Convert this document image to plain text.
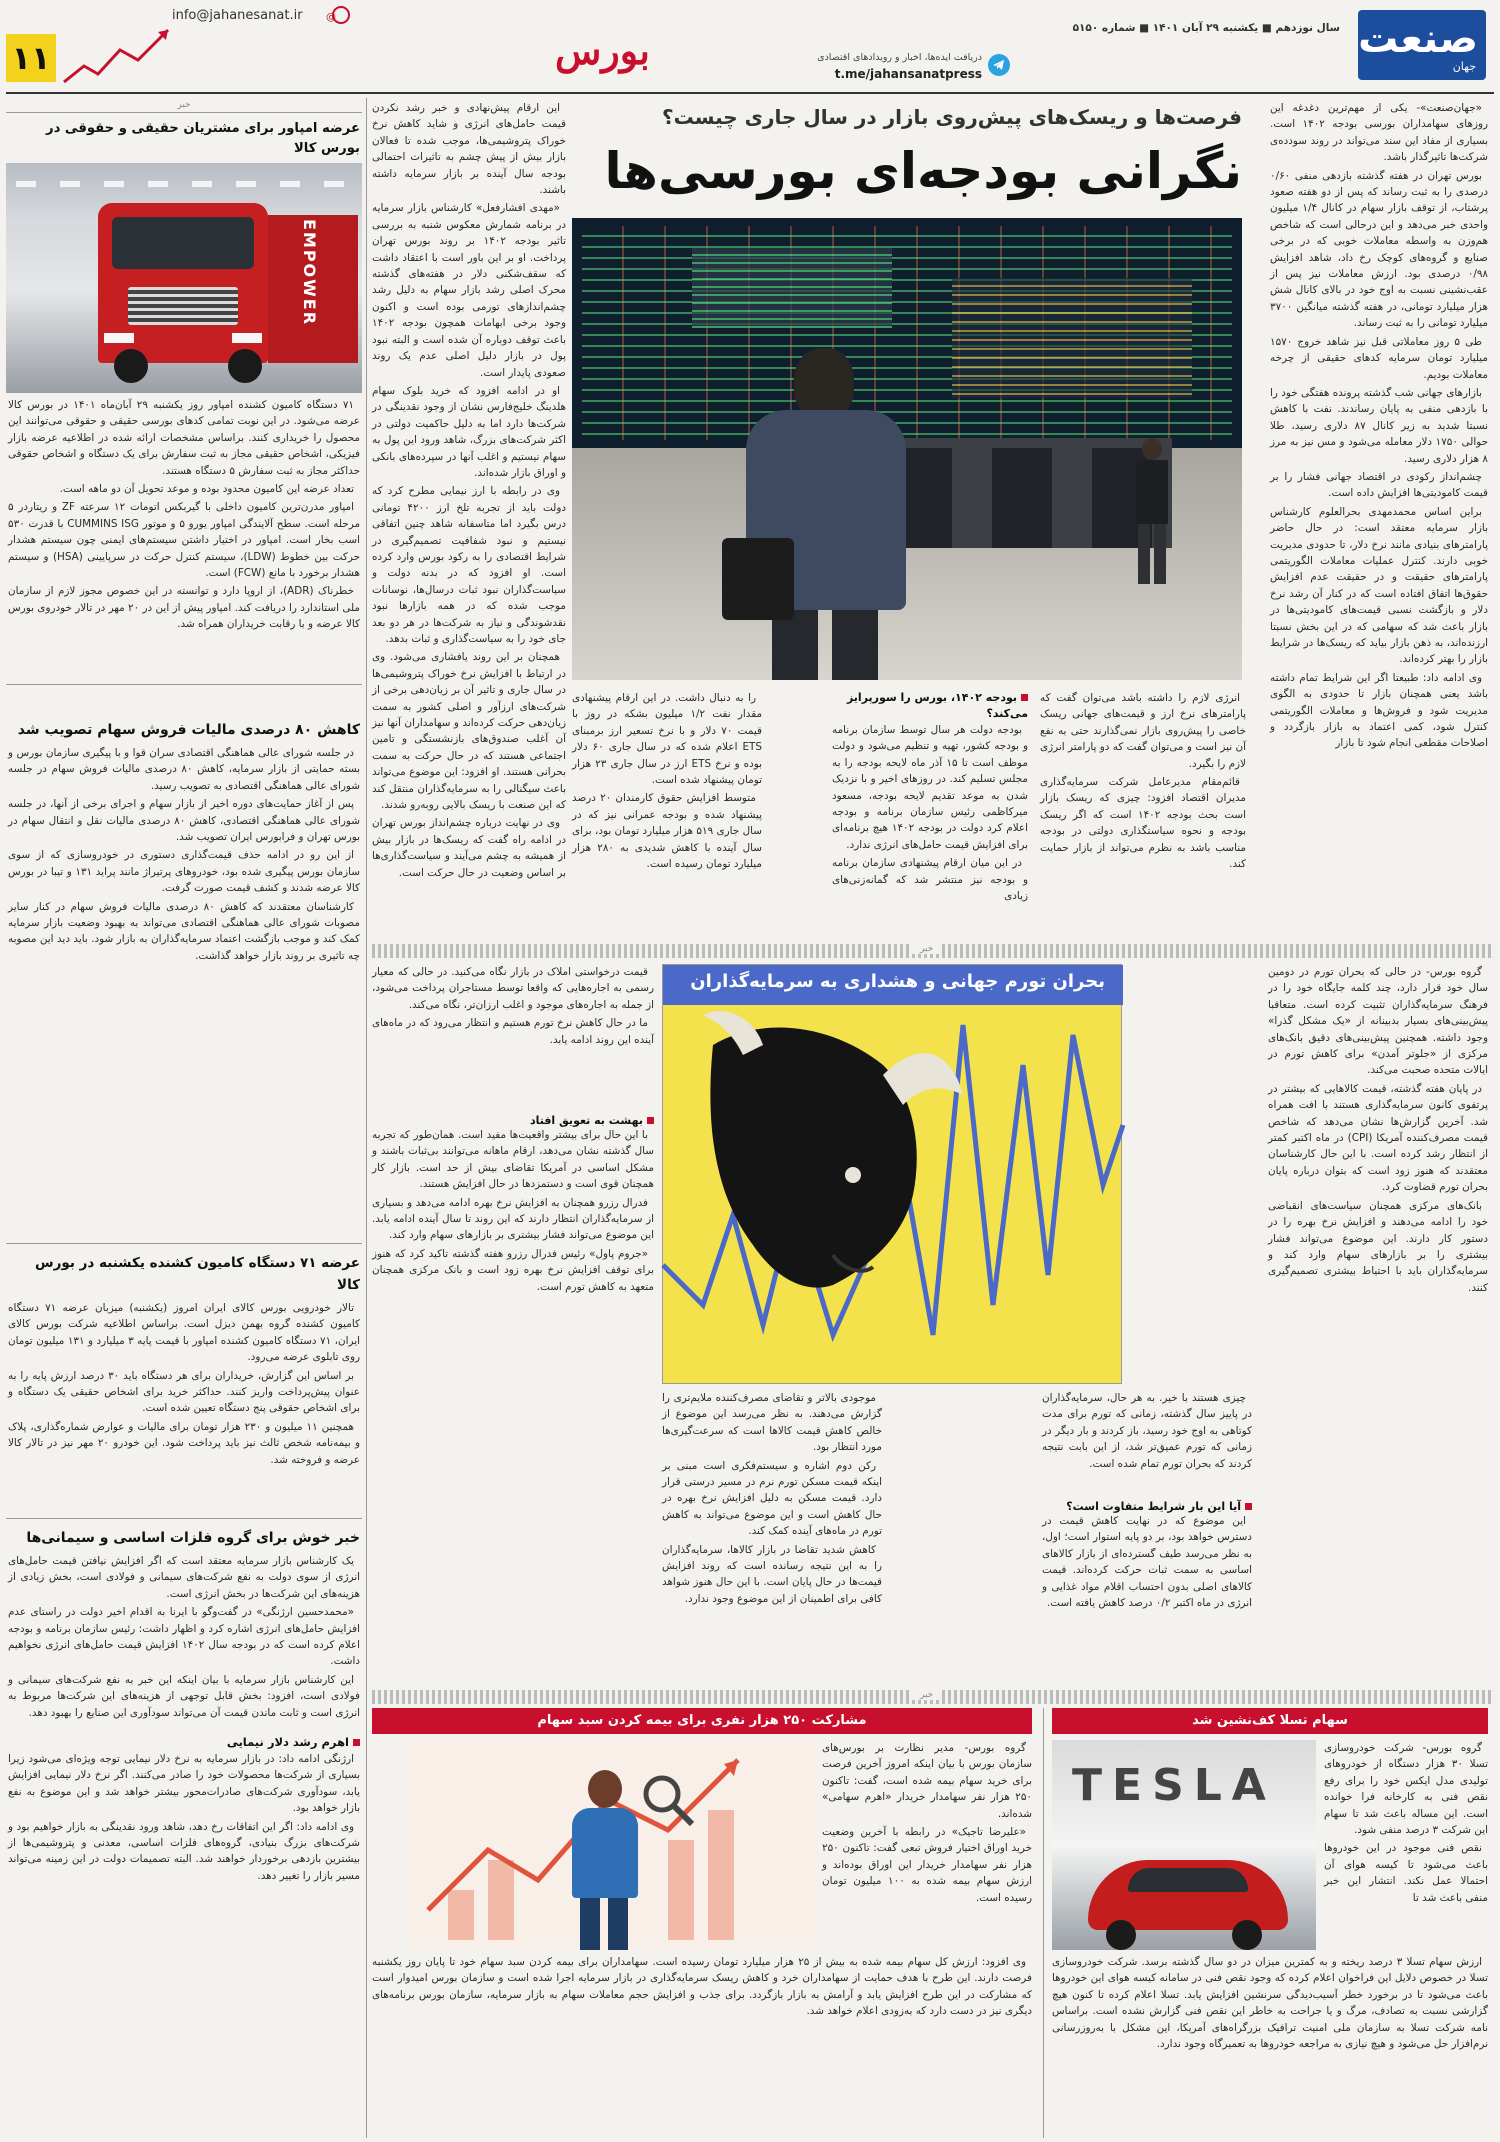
صنعت
جهان
سال نوزدهم ■ یکشنبه ۲۹ آبان ۱۴۰۱ ■ شماره ۵۱۵۰
دریافت ایده‌ها، اخبار و رویدادهای اقتصادی
t.me/jahansanatpress
بورس
info@jahanesanat.ir @
۱۱
خبر
عرضه امپاور برای مشتریان حقیقی و حقوقی در بورس کالا
EMPOWER

۷۱ دستگاه کامیون کشنده امپاور روز یکشنبه ۲۹ آبان‌ماه ۱۴۰۱ در بورس کالا عرضه می‌شود. در این نوبت تمامی کدهای بورسی حقیقی و حقوقی می‌توانند این محصول را خریداری کنند. براساس مشخصات ارائه شده در اطلاعیه عرضه بازار فیزیکی، اشخاص حقیقی مجاز به ثبت سفارش برای یک دستگاه و اشخاص حقوقی حداکثر مجاز به ثبت سفارش ۵ دستگاه هستند.

تعداد عرضه این کامیون محدود بوده و موعد تحویل آن دو ماهه است.

امپاور مدرن‌ترین کامیون داخلی با گیربکس اتومات ۱۲ سرعته ZF و ریتاردر ۵ مرحله است. سطح آلایندگی امپاور یورو ۵ و موتور CUMMINS ISG با قدرت ۵۳۰ اسب بخار است. امپاور در اختیار داشتن سیستم‌های ایمنی چون سیستم هشدار حرکت بین خطوط (LDW)، سیستم کنترل حرکت در سرپایینی (HSA) و سیستم هشدار برخورد با مانع (FCW) است.

خطرناک (ADR)، از اروپا دارد و توانسته در این خصوص مجوز لازم از سازمان ملی استاندارد را دریافت کند. امپاور پیش از این در ۲۰ مهر در تالار خودروی بورس کالا عرضه و با رقابت خریداران همراه شد.

کاهش ۸۰ درصدی مالیات فروش سهام تصویب شد

در جلسه شورای عالی هماهنگی اقتصادی سران قوا و با پیگیری سازمان بورس و بسته حمایتی از بازار سرمایه، کاهش ۸۰ درصدی مالیات فروش سهام در جلسه شورای عالی هماهنگی اقتصادی به تصویب رسید.

پس از آغاز حمایت‌های دوره اخیر از بازار سهام و اجرای برخی از آنها، در جلسه شورای عالی هماهنگی اقتصادی، کاهش ۸۰ درصدی مالیات نقل و انتقال سهام در بورس تهران و فرابورس ایران تصویب شد.

از این رو در ادامه حذف قیمت‌گذاری دستوری در خودروسازی که از سوی سازمان بورس پیگیری شده بود، خودروهای پرتیراژ مانند پراید ۱۳۱ و تیبا در بورس کالا عرضه شدند و کشف قیمت صورت گرفت.

کارشناسان معتقدند که کاهش ۸۰ درصدی مالیات فروش سهام در کنار سایر مصوبات شورای عالی هماهنگی اقتصادی می‌تواند به بهبود وضعیت بازار سرمایه کمک کند و موجب بازگشت اعتماد سرمایه‌گذاران به بازار شود. باید دید این مصوبه چه تاثیری بر روند بازار خواهد گذاشت.

عرضه ۷۱ دستگاه کامیون کشنده یکشنبه در بورس کالا

تالار خودرویی بورس کالای ایران امروز (یکشنبه) میزبان عرضه ۷۱ دستگاه کامیون کشنده گروه بهمن دیزل است. براساس اطلاعیه شرکت بورس کالای ایران، ۷۱ دستگاه کامیون کشنده امپاور با قیمت پایه ۳ میلیارد و ۱۳۱ میلیون تومان روی تابلوی عرضه می‌رود.

بر اساس این گزارش، خریداران برای هر دستگاه باید ۳۰ درصد ارزش پایه را به عنوان پیش‌پرداخت واریز کنند. حداکثر خرید برای اشخاص حقیقی یک دستگاه و برای اشخاص حقوقی پنج دستگاه تعیین شده است.

همچنین ۱۱ میلیون و ۲۳۰ هزار تومان برای مالیات و عوارض شماره‌گذاری، پلاک و بیمه‌نامه شخص ثالث نیز باید پرداخت شود. این خودرو ۲۰ مهر نیز در تالار کالا عرضه و فروخته شد.

خبر خوش برای گروه فلزات اساسی و سیمانی‌ها

یک کارشناس بازار سرمایه معتقد است که اگر افزایش نیافتن قیمت حامل‌های انرژی از سوی دولت به نفع شرکت‌های سیمانی و فولادی است، بخش زیادی از هزینه‌های این شرکت‌ها در بخش انرژی است.

«محمدحسین ارژنگی» در گفت‌وگو با ایرنا به اقدام اخیر دولت در راستای عدم افزایش حامل‌های انرژی اشاره کرد و اظهار داشت: رئیس سازمان برنامه و بودجه اعلام کرده است که در بودجه سال ۱۴۰۲ افزایش قیمت حامل‌های انرژی نخواهیم داشت.

این کارشناس بازار سرمایه با بیان اینکه این خبر به نفع شرکت‌های سیمانی و فولادی است، افزود: بخش قابل توجهی از هزینه‌های این شرکت‌ها مربوط به انرژی است و ثابت ماندن قیمت آن می‌تواند سودآوری این صنایع را بهبود دهد.

اهرم رشد دلار نیمایی

ارژنگی ادامه داد: در بازار سرمایه به نرخ دلار نیمایی توجه ویژه‌ای می‌شود زیرا بسیاری از شرکت‌ها محصولات خود را صادر می‌کنند. اگر نرخ دلار نیمایی افزایش یابد، سودآوری شرکت‌های صادرات‌محور بیشتر خواهد شد و این موضوع به نفع بازار خواهد بود.

وی ادامه داد: اگر این اتفاقات رخ دهد، شاهد ورود نقدینگی به بازار خواهیم بود و شرکت‌های بزرگ بنیادی، گروه‌های فلزات اساسی، معدنی و پتروشیمی‌ها از بیشترین بازدهی برخوردار خواهند شد. البته تصمیمات دولت در این زمینه می‌تواند مسیر بازار را تغییر دهد.

«جهان‌صنعت»- یکی از مهم‌ترین دغدغه این روزهای سهامداران بورسی بودجه ۱۴۰۲ است. بسیاری از مفاد این سند می‌تواند در روند سودده‌ی شرکت‌ها تاثیرگذار باشد.

بورس تهران در هفته گذشته بازدهی منفی ۰/۶۰ درصدی را به ثبت رساند که پس از دو هفته صعود پرشتاب، از توقف بازار سهام در کانال ۱/۴ میلیون واحدی خبر می‌دهد و این درحالی است که شاخص هم‌وزن به واسطه معاملات خوبی که در برخی صنایع و گروه‌های کوچک رخ داد، شاهد افزایش ۰/۹۸ درصدی بود. ارزش معاملات نیز پس از عقب‌نشینی نسبت به اوج خود در بالای کانال شش هزار میلیارد تومانی، در هفته گذشته میانگین ۳۷۰۰ میلیارد تومانی را به ثبت رساند.

طی ۵ روز معاملاتی قبل نیز شاهد خروج ۱۵۷۰ میلیارد تومان سرمایه کدهای حقیقی از چرخه معاملات بودیم.

بازارهای جهانی شب گذشته پرونده هفتگی خود را با بازدهی منفی به پایان رساندند. نفت با کاهش نسبتا شدید به زیر کانال ۸۷ دلاری رسید، طلا حوالی ۱۷۵۰ دلار معامله می‌شود و مس نیز به مرز ۸ هزار دلاری رسید.

چشم‌انداز رکودی در اقتصاد جهانی فشار را بر قیمت کامودیتی‌ها افزایش داده است.

براین اساس محمدمهدی بحرالعلوم کارشناس بازار سرمایه معتقد است: در حال حاضر پارامترهای بنیادی مانند نرخ دلار، تا حدودی مدیریت خوبی دارند. کنترل عملیات معاملات الگوریتمی پارامترهای حقیقت و در حقیقت عدم افزایش حقوق‌ها اتفاق افتاده است که در کنار آن رشد نرخ دلار و بازگشت نسبی قیمت‌های کامودیتی‌ها در بازار باعث شد که سهامی که در این بخش نسبتا ارزنده‌اند، به ذهن بازار بیاید که ریسک‌ها در شرایط بازار را بهتر کرده‌اند.

وی ادامه داد: طبیعتا اگر این شرایط تمام داشته باشد یعنی همچنان بازار تا حدودی به الگوی مدیریت شود و فروش‌ها و معاملات الگوریتمی کنترل شود، کمی اعتماد به بازار بازگردد و اصلاحات مقطعی انجام شود تا بازار

فرصت‌ها و ریسک‌های پیش‌روی بازار در سال جاری چیست؟
نگرانی بودجه‌ای بورسی‌ها

این ارقام پیش‌نهادی و خبر رشد نکردن قیمت حامل‌های انرژی و شاید کاهش نرخ خوراک پتروشیمی‌ها، موجب شده تا فعالان بازار بیش از پیش چشم به تاثیرات احتمالی بودجه سال آینده بر بازار سرمایه داشته باشند.

«مهدی افشارفعل» کارشناس بازار سرمایه در برنامه شمارش معکوس شنبه به بررسی تاثیر بودجه ۱۴۰۲ بر روند بورس تهران پرداخت. او بر این باور است با اعتقاد داشت که سقف‌شکنی دلار در هفته‌های گذشته محرک اصلی رشد بازار سهام به دلیل رشد چشم‌اندازهای تورمی بوده است و اکنون وجود برخی ابهامات همچون بودجه ۱۴۰۲ باعث توقف دوباره آن شده است و البته نبود پول در بازار دلیل اصلی عدم یک روند صعودی پایدار است.

او در ادامه افزود که خرید بلوک سهام هلدینگ خلیج‌فارس نشان از وجود نقدینگی در شرکت‌ها دارد اما به دلیل حاکمیت دولتی در اکثر شرکت‌های بزرگ، شاهد ورود این پول به سهام نیستیم و اغلب آنها در سپرده‌های بانکی و اوراق بازار شده‌اند.

وی در رابطه با ارز نیمایی مطرح کرد که دولت باید از تجربه تلخ ارز ۴۲۰۰ تومانی درس بگیرد اما متاسفانه شاهد چنین اتفاقی نیستیم و نبود شفافیت تصمیم‌گیری در شرایط اقتصادی را به رکود بورس وارد کرده است. او افزود که در بدنه دولت و سیاست‌گذاران نبود ثبات درسال‌ها، نوسانات موجب شده که در همه بازارها نبود نقدشوندگی و نیاز به شرکت‌ها در هر دو بعد جای خود را به سیاست‌گذاری و ثبات بدهد.

همچنان بر این روند یافشاری می‌شود. وی در ارتباط با افزایش نرخ خوراک پتروشیمی‌ها در سال جاری و تاثیر آن بر زیان‌دهی برخی از شرکت‌های ارزآور و اصلی کشور به سمت زیان‌دهی حرکت کرده‌اند و سهامداران آنها نیز آن آغلب صندوق‌های بازنشستگی و تامین اجتماعی هستند که در حال حرکت به سمت بحرانی هستند. او افزود: این موضوع می‌تواند باعث سیگنالی را به سرمایه‌گذاران منتقل کند که این صنعت با ریسک بالایی روبه‌رو شدند.

وی در نهایت درباره چشم‌انداز بورس تهران در ادامه راه گفت که ریسک‌ها در بازار بیش از همیشه به چشم می‌آیند و سیاست‌گذاری‌ها بر اساس وضعیت در حال حرکت است.

انرژی لازم را داشته باشد می‌توان گفت که پارامترهای نرخ ارز و قیمت‌های جهانی ریسک خاصی را پیش‌روی بازار نمی‌گذارند حتی به نفع آن نیز است و می‌توان گفت که دو پارامتر انرژی لازم را بگیرد.

قائم‌مقام مدیرعامل شرکت سرمایه‌گذاری مدیران اقتصاد افزود: چیزی که ریسک بازار است بحث بودجه ۱۴۰۲ است که اگر ریسک بودجه و نحوه سیاستگذاری دولتی در بودجه مناسب باشد به نظرم می‌تواند از بازار حمایت کند.

بودجه ۱۴۰۲، بورس را سورپرایز می‌کند؟

بودجه دولت هر سال توسط سازمان برنامه و بودجه کشور، تهیه و تنظیم می‌شود و دولت موظف است تا ۱۵ آذر ماه لایحه بودجه را به مجلس تسلیم کند. در روزهای اخیر و با نزدیک شدن به موعد تقدیم لایحه بودجه، مسعود میرکاظمی رئیس سازمان برنامه و بودجه اعلام کرد دولت در بودجه ۱۴۰۲ هیچ برنامه‌ای برای افزایش قیمت حامل‌های انرژی ندارد.

در این میان ارقام پیشنهادی سازمان برنامه و بودجه نیز منتشر شد که گمانه‌زنی‌های زیادی

را به دنبال داشت. در این ارقام پیشنهادی مقدار نفت ۱/۲ میلیون بشکه در روز با قیمت ۷۰ دلار و با نرخ تسعیر ارز برمبنای ETS اعلام شده که در سال جاری ۶۰ دلار بوده و نرخ ETS ارز در سال جاری ۲۳ هزار تومان پیشنهاد شده است.

متوسط افزایش حقوق کارمندان ۲۰ درصد پیشنهاد شده و بودجه عمرانی نیز که در سال جاری ۵۱۹ هزار میلیارد تومان بود، برای سال آینده با کاهش شدیدی به ۲۸۰ هزار میلیارد تومان رسیده است.

خبر
بحران تورم جهانی و هشداری به سرمایه‌گذاران	گروه بورس- در حالی که بحران تورم در دومین سال خود قرار دارد، چند کلمه جایگاه خود را در فرهنگ سرمایه‌گذاران تثبیت کرده است. متعاقبا پیش‌بینی‌های بسیار بدبینانه از «یک مشکل گذرا» وجود داشته. همچنین پیش‌بینی‌های دقیق بانک‌های مرکزی از «جلوتر آمدن» برای کاهش تورم در ایالات متحده صحبت می‌کند.

در پایان هفته گذشته، قیمت کالاهایی که بیشتر در پرتفوی کانون سرمایه‌گذاری هستند با افت همراه شد. آخرین گزارش‌ها نشان می‌دهد که شاخص قیمت مصرف‌کننده آمریکا (CPI) در ماه اکتبر کمتر از انتظار رشد کرده است. با این حال کارشناسان معتقدند که هنوز زود است که بتوان درباره پایان بحران تورم قضاوت کرد.

بانک‌های مرکزی همچنان سیاست‌های انقباضی خود را ادامه می‌دهند و افزایش نرخ بهره را در دستور کار دارند. این موضوع می‌تواند فشار بیشتری را بر بازارهای سهام وارد کند و سرمایه‌گذاران باید با احتیاط بیشتری تصمیم‌گیری کنند.

چیزی هستند با خیر. به هر حال، سرمایه‌گذاران در پاییز سال گذشته، زمانی که تورم برای مدت کوتاهی به اوج خود رسید، باز کردند و بار دیگر در زمانی که تورم عمیق‌تر شد، از این بابت نتیجه کردند که بحران تورم تمام شده است.

آیا این بار شرایط متفاوت است؟

این موضوع که در نهایت کاهش قیمت در دسترس خواهد بود، بر دو پایه استوار است؛ اول، به نظر می‌رسد طیف گسترده‌ای از بازار کالاهای اساسی به سمت ثبات حرکت کرده‌اند. قیمت کالاهای اصلی بدون احتساب اقلام مواد غذایی و انرژی در ماه اکتبر ۰/۲ درصد کاهش یافته است.

موجودی بالاتر و تقاضای مصرف‌کننده ملایم‌تری را گزارش می‌دهند. به نظر می‌رسد این موضوع از خالص کاهش قیمت کالاها است که سرعت‌گیری‌ها مورد انتظار بود.

رکن دوم اشاره و سیستم‌فکری است مبنی بر اینکه قیمت مسکن تورم نرم در مسیر درستی قرار دارد. قیمت مسکن به دلیل افزایش نرخ بهره در حال کاهش است و این موضوع می‌تواند به کاهش تورم در ماه‌های آینده کمک کند.

کاهش شدید تقاضا در بازار کالاها، سرمایه‌گذاران را به این نتیجه رسانده است که روند افزایش قیمت‌ها در حال پایان است. با این حال هنوز شواهد کافی برای اطمینان از این موضوع وجود ندارد.

قیمت درخواستی املاک در بازار نگاه می‌کنید. در حالی که معیار رسمی به اجاره‌هایی که واقعا توسط مستاجران پرداخت می‌شود، از جمله به اجاره‌های موجود و اغلب ارزان‌تر، نگاه می‌کند.

ما در حال کاهش نرخ تورم هستیم و انتظار می‌رود که در ماه‌های آینده این روند ادامه یابد.

بهشت به تعویق افتاد

با این حال برای بیشتر واقعیت‌ها مفید است. همان‌طور که تجربه سال گذشته نشان می‌دهد، ارقام ماهانه می‌توانند بی‌ثبات باشند و مشکل اساسی در آمریکا تقاضای بیش از حد است. بازار کار همچنان قوی است و دستمزدها در حال افزایش هستند.

فدرال رزرو همچنان به افزایش نرخ بهره ادامه می‌دهد و بسیاری از سرمایه‌گذاران انتظار دارند که این روند تا سال آینده ادامه یابد. این موضوع می‌تواند فشار بیشتری بر بازارهای سهام وارد کند.

«جروم پاول» رئیس فدرال رزرو هفته گذشته تاکید کرد که هنوز برای توقف افزایش نرخ بهره زود است و بانک مرکزی همچنان متعهد به کاهش تورم است.

خبر
سهام تسلا کف‌نشین شد

گروه بورس- شرکت خودروسازی تسلا ۳۰ هزار دستگاه از خودروهای تولیدی مدل ایکس خود را برای رفع نقص فنی به کارخانه فرا خوانده است. این مساله باعث شد تا سهام این شرکت ۳ درصد منفی شود.

نقص فنی موجود در این خودروها باعث می‌شود تا کیسه هوای آن احتمالا عمل نکند. انتشار این خبر منفی باعث شد تا

TESLA

ارزش سهام تسلا ۳ درصد ریخته و به کمترین میزان در دو سال گذشته برسد. شرکت خودروسازی تسلا در خصوص دلایل این فراخوان اعلام کرده که وجود نقص فنی در سامانه کیسه هوای این خودروها باعث می‌شود تا در برخورد خطر آسیب‌دیدگی سرنشین افزایش یابد. تسلا اعلام کرده تا کنون هیچ گزارشی نسبت به تصادف، مرگ و یا جراحت به خاطر این نقص فنی گزارش نشده است. براساس نامه شرکت تسلا به سازمان ملی امنیت ترافیک بزرگراه‌های آمریکا، این مشکل با به‌روزرسانی نرم‌افزار حل می‌شود و هیچ نیازی به مراجعه خودروها به تعمیرگاه وجود ندارد.

مشارکت ۲۵۰ هزار نفری برای بیمه کردن سبد سهام

گروه بورس- مدیر نظارت بر بورس‌های سازمان بورس با بیان اینکه امروز آخرین فرصت برای خرید سهام بیمه شده است، گفت: تاکنون ۲۵۰ هزار نفر سهامدار خریدار «اهرم سهامی» شده‌اند.

«علیرضا تاجیک» در رابطه با آخرین وضعیت خرید اوراق اختیار فروش تبعی گفت: تاکنون ۲۵۰ هزار نفر سهامدار خریدار این اوراق بوده‌اند و ارزش سهام بیمه شده به ۱۰۰ میلیون تومان رسیده است.

وی افزود: ارزش کل سهام بیمه شده به بیش از ۲۵ هزار میلیارد تومان رسیده است. سهامداران برای بیمه کردن سبد سهام خود تا پایان روز یکشنبه فرصت دارند. این طرح با هدف حمایت از سهامداران خرد و کاهش ریسک سرمایه‌گذاری در بازار سرمایه اجرا شده است و سازمان بورس امیدوار است که مشارکت در این طرح افزایش یابد و آرامش به بازار بازگردد. برای جذب و افزایش حجم معاملات سهام به بازار سرمایه، سازمان بورس برنامه‌های دیگری نیز در دست دارد که به‌زودی اعلام خواهد شد.
